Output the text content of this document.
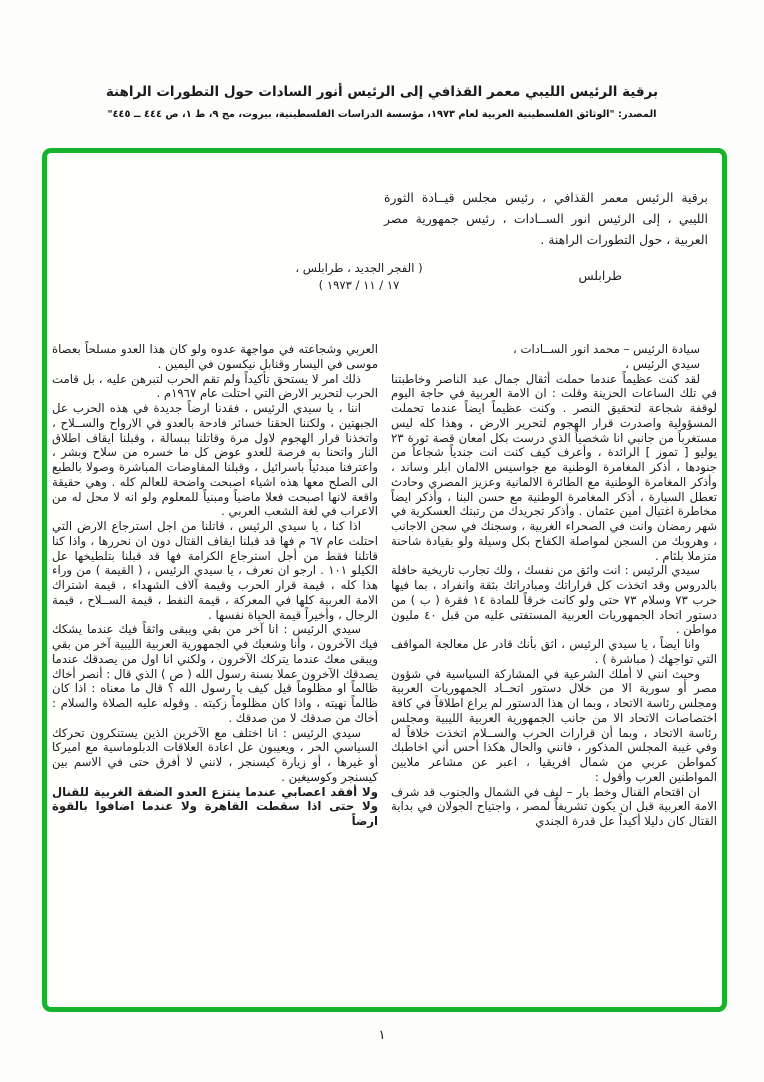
برقية الرئيس الليبي معمر القذافي إلى الرئيس أنور السادات حول التطورات الراهنة
المصدر: "الوثائق الفلسطينية العربية لعام ١٩٧٣، مؤسسة الدراسات الفلسطينية، بيروت، مج ٩، ط ١، ص ٤٤٤ ــ ٤٤٥"
برقية الرئيس معمر القذافي ، رئيس مجلس قيــادة الثورة الليبي ، إلى الرئيس انور الســادات ، رئيس جمهورية مصر العربية ، حول التطورات الراهنة .
طرابلس
( الفجر الجديد ، طرابلس ،
١٧ / ١١ / ١٩٧٣ )

سيادة الرئيس – محمد انور الســادات ،

سيدي الرئيس ،

لقد كنت عظيماً عندما حملت أثقال جمال عبد الناصر وخاطبتنا في تلك الساعات الحزينة وقلت : ان الامة العربية في حاجة اليوم لوقفة شجاعة لتحقيق النصر . وكنت عظيماً ايضاً عندما تحملت المسؤولية واصدرت قرار الهجوم لتحرير الارض ، وهذا كله ليس مستغرباً من جانبي انا شخصياً الذي درست بكل امعان قصة ثورة ٢٣ يوليو [ تموز ] الرائدة ، وأعرف كيف كنت انت جندياً شجاعاً من جنودها ، أذكر المغامرة الوطنية مع جواسيس الالمان ابلر وساند ، وأذكر المغامرة الوطنية مع الطائرة الالمانية وعزيز المصري وحادث تعطل السيارة ، أذكر المغامرة الوطنية مع حسن البنا ، وأذكر ايضاً مخاطرة اغتيال امين عثمان . وأذكر تجريدك من رتبتك العسكرية في شهر رمضان وانت في الصحراء الغربية ، وسجنك في سجن الاجانب ، وهروبك من السجن لمواصلة الكفاح بكل وسيلة ولو بقيادة شاحنة متزملا بلثام .

سيدي الرئيس : انت واثق من نفسك ، ولك تجارب تاريخية حافلة بالدروس وقد اتخذت كل قراراتك ومبادراتك بثقة وانفراد ، بما فيها حرب ٧٣ وسلام ٧٣ حتى ولو كانت خرقاً للمادة ١٤ فقرة ( ب ) من دستور اتحاد الجمهوريات العربية المستفتى عليه من قبل ٤٠ مليون مواطن .

وانا ايضاً ، يا سيدي الرئيس ، اثق بأنك قادر عل معالجة المواقف التي تواجهك ( مباشرة ) .

وحيث انني لا أملك الشرعية في المشاركة السياسية في شؤون مصر أو سورية الا من خلال دستور اتحــاد الجمهوريات العربية ومجلس رئاسة الاتحاد ، وبما ان هذا الدستور لم يراع اطلاقاً في كافة اختصاصات الاتحاد الا من جانب الجمهورية العربية الليبية ومجلس رئاسة الاتحاد ، وبما أن قرارات الحرب والســلام اتخذت خلافاً له وفي غيبة المجلس المذكور ، فانني والحال هكذا أحس أني اخاطبك كمواطن عربي من شمال افريقيا ، اعبر عن مشاعر ملايين المواطنين العرب وأقول :

ان اقتحام القنال وخط بار – ليف في الشمال والجنوب قد شرف الامة العربية قبل ان يكون تشريفاً لمصر ، واجتياح الجولان في بداية القتال كان دليلا أكيداً عل قدرة الجندي

العربي وشجاعته في مواجهة عدوه ولو كان هذا العدو مسلحاً بعصاة موسى في اليسار وقنابل نيكسون في اليمين .

ذلك امر لا يستحق تأكيداً ولم تقم الحرب لتبرهن عليه ، بل قامت الحرب لتحرير الارض التي احتلت عام ١٩٦٧م .

اننا ، يا سيدي الرئيس ، فقدنا ارضاً جديدة في هذه الحرب عل الجبهتين ، ولكننا الحقنا خسائر فادحة بالعدو في الارواح والســلاح ، واتخذنا قرار الهجوم لاول مرة وقاتلنا ببسالة ، وقبلنا ايقاف اطلاق النار واتحنا به فرصة للعدو عوض كل ما خسره من سلاح وبشر ، واعترفنا مبدئياً باسرائيل ، وقبلنا المفاوضات المباشرة وصولا بالطبع الى الصلح معها هذه اشياء اصبحت واضحة للعالم كله . وهي حقيقة واقعة لانها اصبحت فعلا ماضياً ومبنياً للمعلوم ولو انه لا محل له من الاعراب في لغة الشعب العربي .

اذا كنا ، يا سيدي الرئيس ، قاتلنا من اجل استرجاع الارض التي احتلت عام ٦٧ م فها قد قبلنا ايقاف القتال دون ان نحررها ، واذا كنا قاتلنا فقط من أجل استرجاع الكرامة فها قد قبلنا بتلطيخها عل الكيلو ١٠١ . ارجو ان نعرف ، يا سيدي الرئيس ، ( القيمة ) من وراء هذا كله ، قيمة قرار الحرب وقيمة آلاف الشهداء ، قيمة اشتراك الامة العربية كلها في المعركة ، قيمة النفط ، قيمة الســلاح ، قيمة الرجال ، وأخيراً قيمة الحياة نفسها .

سيدي الرئيس : انا آخر من بقي ويبقى واثقاً فيك عندما يشكك فيك الآخرون ، وأنا وشعبك في الجمهورية العربية الليبية آخر من بقي ويبقى معك عندما يتركك الآخرون ، ولكني انا اول من يصدقك عندما يصدقك الآخرون عملا بسنة رسول الله ( ص ) الذي قال : أنصر أخاك ظالماً او مظلوماً قيل كيف يا رسول الله ؟ قال ما معناه : اذا كان ظالماً نهيته ، واذا كان مظلوماً زكيته . وقوله عليه الصلاة والسلام : أخاك من صدقك لا من صدقك .

سيدي الرئيس : انا اختلف مع الآخرين الذين يستنكرون تحركك السياسي الحر ، ويعيبون عل اعادة العلاقات الدبلوماسية مع اميركا أو غيرها ، أو زيارة كيسنجر ، لانني لا أفرق حتى في الاسم بين كيسنجر وكوسيغين .

ولا أفقد اعصابي عندما ينتزع العدو الضفة الغربية للقنال ولا حتى اذا سقطت القاهرة ولا عندما اضافوا بالقوة ارضاً

١
